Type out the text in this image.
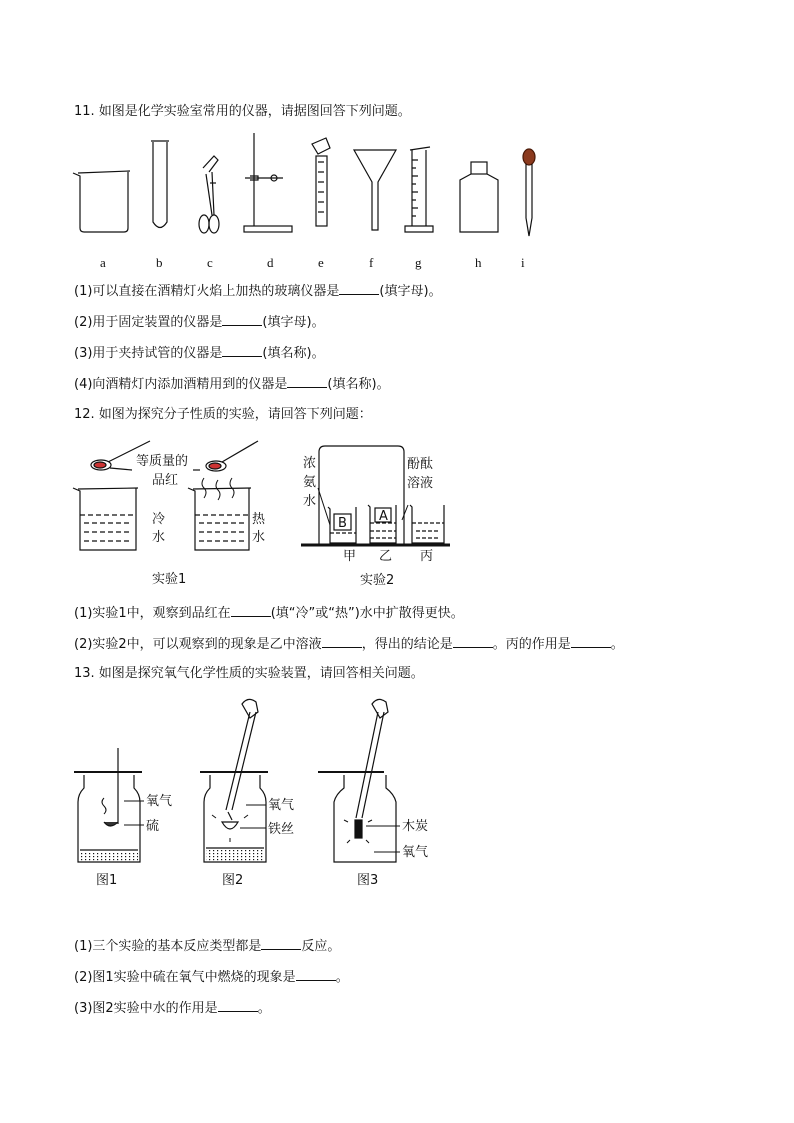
11. 如图是化学实验室常用的仪器，请据图回答下列问题。
a	b	c	d	e	f	g	h	i
(1)可以直接在酒精灯火焰上加热的玻璃仪器是	(填字母)。
(2)用于固定装置的仪器是	(填字母)。
(3)用于夹持试管的仪器是	(填名称)。
(4)向酒精灯内添加酒精用到的仪器是	(填名称)。
12. 如图为探究分子性质的实验，请回答下列问题：
等质量的
品红
冷
水
热
水
实验1
浓
氨
水
酚酞
溶液
B A
甲 乙 丙
实验2
(1)实验1中，观察到品红在	(填“冷”或“热”)水中扩散得更快。
(2)实验2中，可以观察到的现象是乙中溶液	，得出的结论是	。丙的作用是	。
13. 如图是探究氧气化学性质的实验装置，请回答相关问题。
氧气
硫
图1
氧气
铁丝
图2
木炭
氧气
图3
(1)三个实验的基本反应类型都是	反应。
(2)图1实验中硫在氧气中燃烧的现象是	。
(3)图2实验中水的作用是	。
